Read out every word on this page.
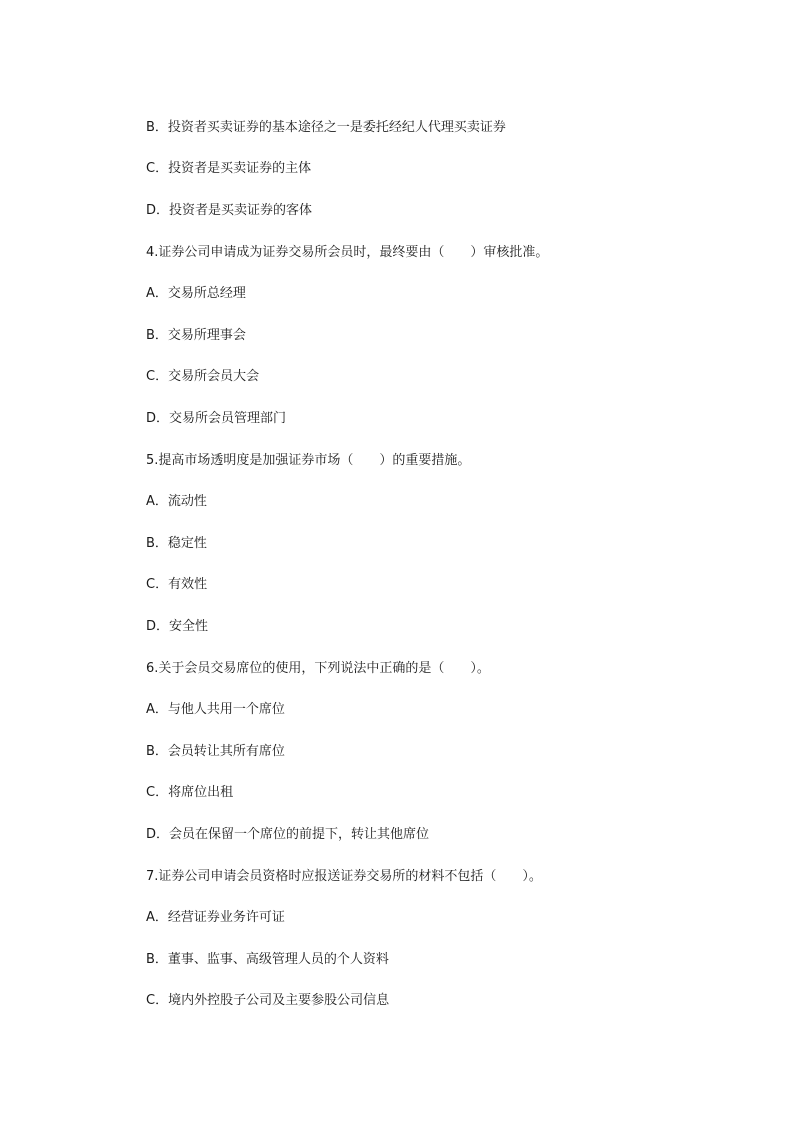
B．投资者买卖证券的基本途径之一是委托经纪人代理买卖证券
C．投资者是买卖证券的主体
D．投资者是买卖证券的客体
4.证券公司申请成为证券交易所会员时，最终要由（　　）审核批准。
A．交易所总经理
B．交易所理事会
C．交易所会员大会
D．交易所会员管理部门
5.提高市场透明度是加强证券市场（　　）的重要措施。
A．流动性
B．稳定性
C．有效性
D．安全性
6.关于会员交易席位的使用，下列说法中正确的是（　　）。
A．与他人共用一个席位
B．会员转让其所有席位
C．将席位出租
D．会员在保留一个席位的前提下，转让其他席位
7.证券公司申请会员资格时应报送证券交易所的材料不包括（　　）。
A．经营证券业务许可证
B．董事、监事、高级管理人员的个人资料
C．境内外控股子公司及主要参股公司信息
